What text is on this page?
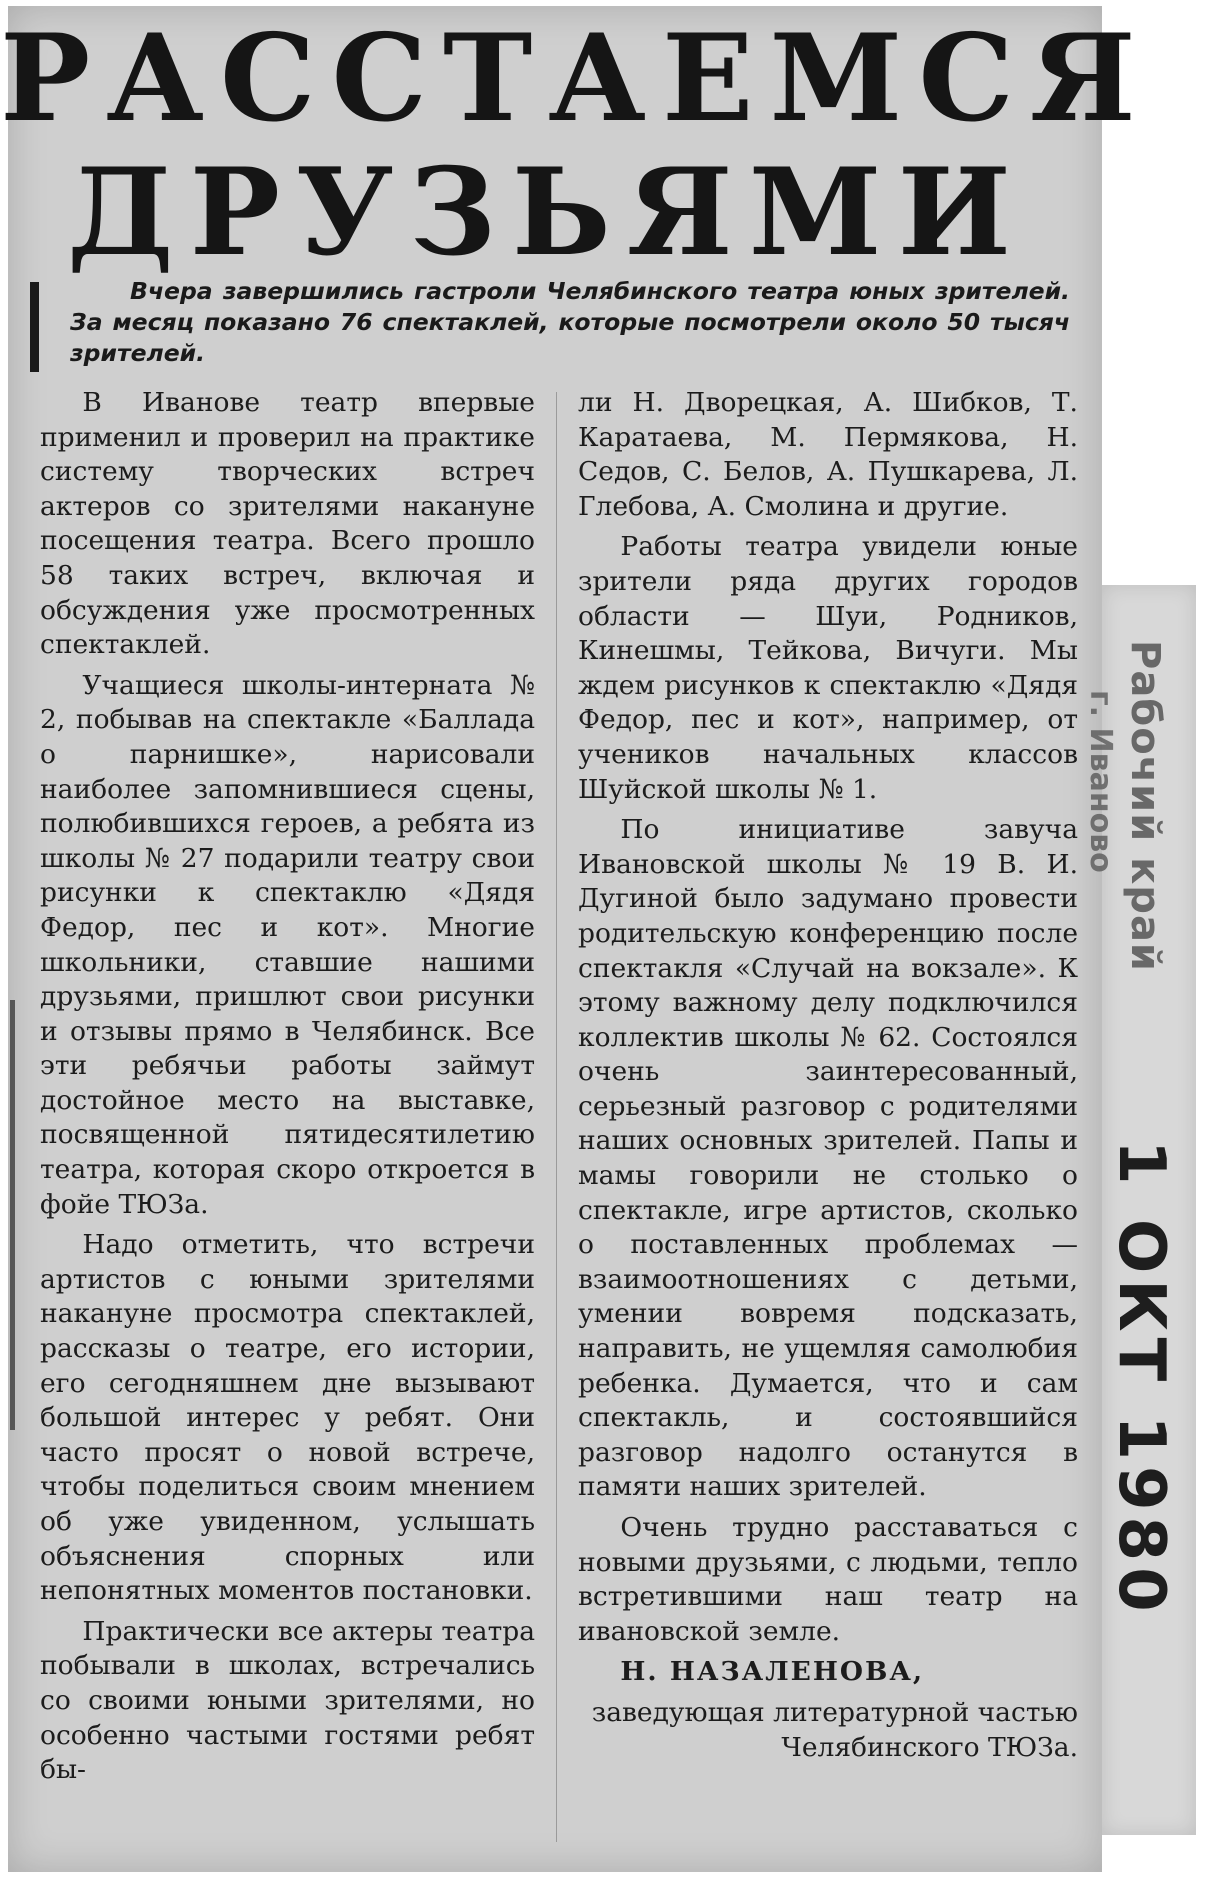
РАССТАЕМСЯ
ДРУЗЬЯМИ

Вчера завершились гастроли Челябинского театра юных зрителей. За месяц показано 76 спектаклей, которые посмотрели около 50 тысяч зрителей.

В Иванове театр впервые применил и проверил на практике систему творческих встреч актеров со зрителями накануне посещения театра. Всего прошло 58 таких встреч, включая и обсуждения уже просмотренных спектаклей.

Учащиеся школы-интерната № 2, побывав на спектакле «Баллада о парнишке», нарисовали наиболее запомнившиеся сцены, полюбившихся героев, а ребята из школы № 27 подарили театру свои рисунки к спектаклю «Дядя Федор, пес и кот». Многие школьники, ставшие нашими друзьями, пришлют свои рисунки и отзывы прямо в Челябинск. Все эти ребячьи работы займут достойное место на выставке, посвященной пятидесятилетию театра, которая скоро откроется в фойе ТЮЗа.

Надо отметить, что встречи артистов с юными зрителями накануне просмотра спектаклей, рассказы о театре, его истории, его сегодняшнем дне вызывают большой интерес у ребят. Они часто просят о новой встрече, чтобы поделиться своим мнением об уже увиденном, услышать объяснения спорных или непонятных моментов постановки.

Практически все актеры театра побывали в школах, встречались со своими юными зрителями, но особенно частыми гостями ребят бы-

ли Н. Дворецкая, А. Шибков, Т. Каратаева, М. Пермякова, Н. Седов, С. Белов, А. Пушкарева, Л. Глебова, А. Смолина и другие.

Работы театра увидели юные зрители ряда других городов области — Шуи, Родников, Кинешмы, Тейкова, Вичуги. Мы ждем рисунков к спектаклю «Дядя Федор, пес и кот», например, от учеников начальных классов Шуйской школы № 1.

По инициативе завуча Ивановской школы № 19 В. И. Дугиной было задумано провести родительскую конференцию после спектакля «Случай на вокзале». К этому важному делу подключился коллектив школы № 62. Состоялся очень заинтересованный, серьезный разговор с родителями наших основных зрителей. Папы и мамы говорили не столько о спектакле, игре артистов, сколько о поставленных проблемах — взаимоотношениях с детьми, умении вовремя подсказать, направить, не ущемляя самолюбия ребенка. Думается, что и сам спектакль, и состоявшийся разговор надолго останутся в памяти наших зрителей.

Очень трудно расставаться с новыми друзьями, с людьми, тепло встретившими наш театр на ивановской земле.

Н. НАЗАЛЕНОВА,

заведующая литературной частью Челябинского ТЮЗа.

Рабочий край
г. Иваново
1 ОКТ 1980
